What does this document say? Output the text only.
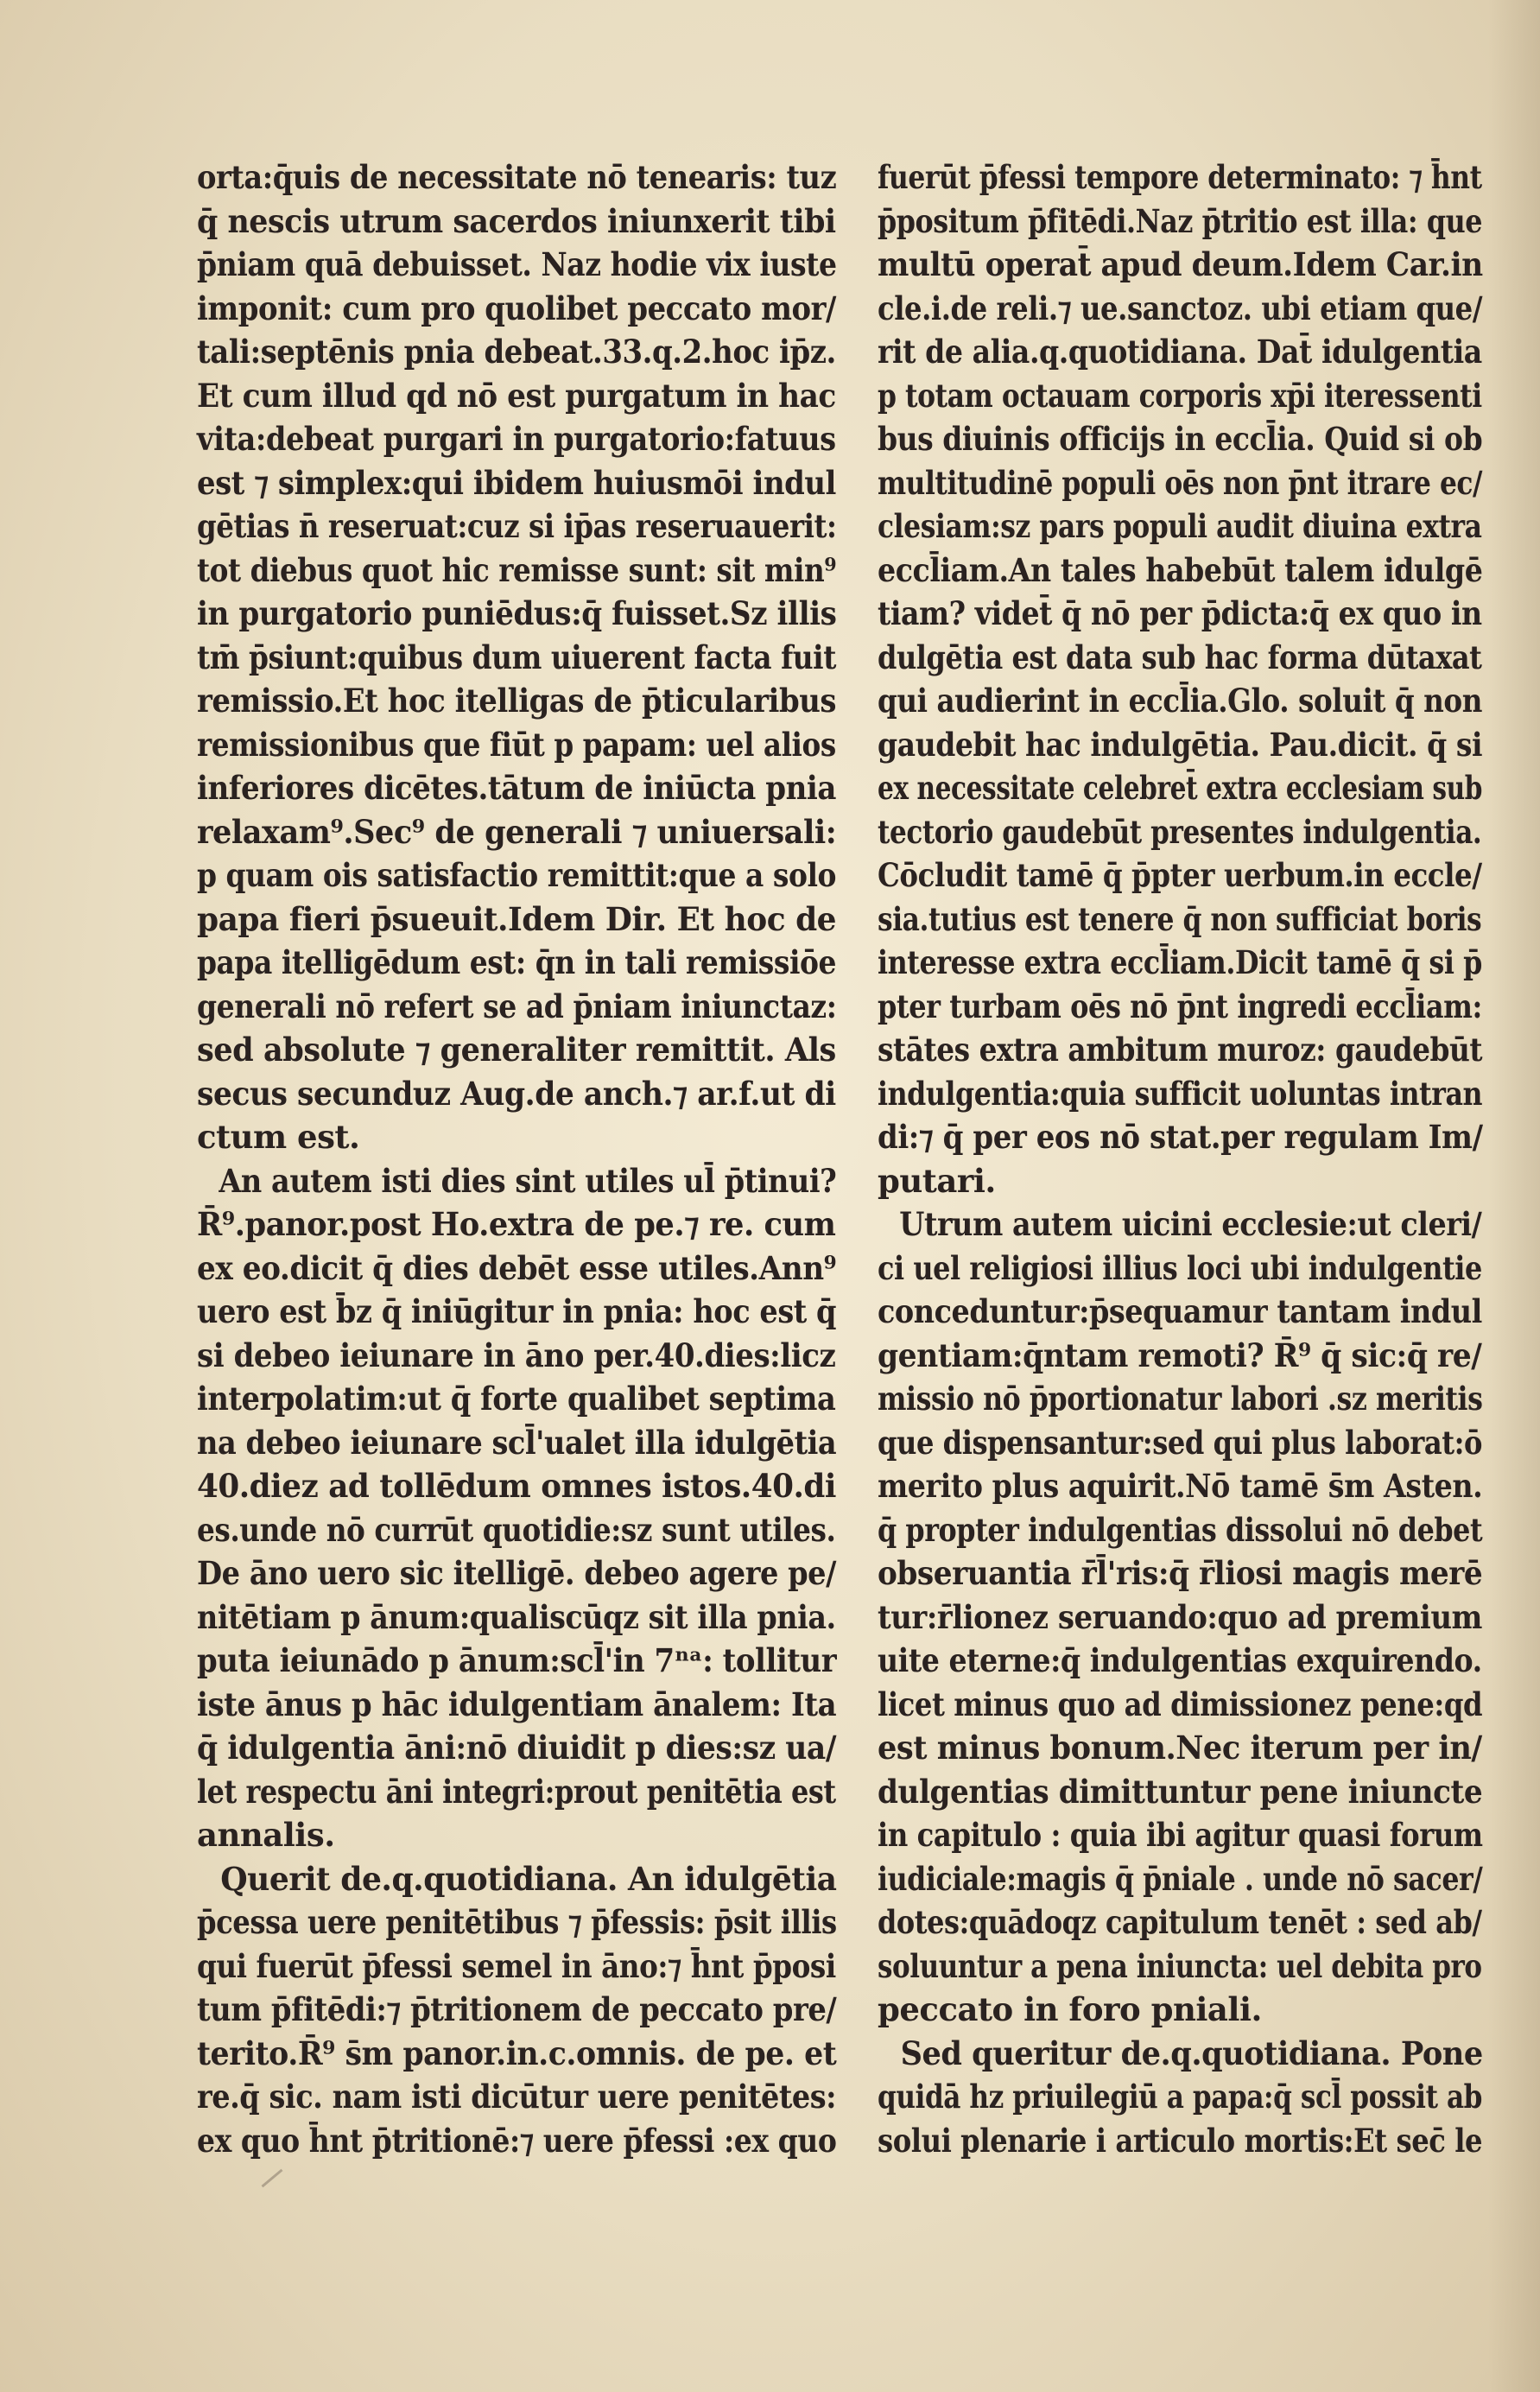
orta:q̄uis de necessitate nō tenearis: tuz
q̄ nescis utrum sacerdos iniunxerit tibi
p̄niam quā debuisset. Naz hodie vix iuste
imponit: cum pro quolibet peccato mor/
tali:septēnis pnia debeat.33.q.2.hoc ip̄z.
Et cum illud qd nō est purgatum in hac
vita:debeat purgari in purgatorio:fatuus
est ⁊ simplex:qui ibidem huiusmōi indul
gētias n̄ reseruat:cuz si ip̄as reseruauerit:
tot diebus quot hic remisse sunt: sit min⁹
in purgatorio puniēdus:q̄ fuisset.Sz illis
tm̄ p̄siunt:quibus dum uiuerent facta fuit
remissio.Et hoc itelligas de p̄ticularibus
remissionibus que fiūt p papam: uel alios
inferiores dicētes.tātum de iniūcta pnia
relaxam⁹.Sec⁹ de generali ⁊ uniuersali:
p quam ois satisfactio remittit:que a solo
papa fieri p̄sueuit.Idem Dir. Et hoc de
papa itelligēdum est: q̄n in tali remissiōe
generali nō refert se ad p̄niam iniunctaz:
sed absolute ⁊ generaliter remittit. Als
secus secunduz Aug.de anch.⁊ ar.f.ut di
ctum est.
An autem isti dies sint utiles ul̄ p̄tinui?
R̄⁹.panor.post Ho.extra de pe.⁊ re. cum
ex eo.dicit q̄ dies debēt esse utiles.Ann⁹
uero est b̄z q̄ iniūgitur in pnia: hoc est q̄
si debeo ieiunare in āno per.40.dies:licz
interpolatim:ut q̄ forte qualibet septima
na debeo ieiunare scl̄'ualet illa idulgētia
40.diez ad tollēdum omnes istos.40.di
es.unde nō currūt quotidie:sz sunt utiles.
De āno uero sic itelligē. debeo agere pe/
nitētiam p ānum:qualiscūqz sit illa pnia.
puta ieiunādo p ānum:scl̄'in 7ⁿᵃ: tollitur
iste ānus p hāc idulgentiam ānalem: Ita
q̄ idulgentia āni:nō diuidit p dies:sz ua/
let respectu āni integri:prout penitētia est
annalis.
Querit de.q.quotidiana. An idulgētia
p̄cessa uere penitētibus ⁊ p̄fessis: p̄sit illis
qui fuerūt p̄fessi semel in āno:⁊ h̄nt p̄posi
tum p̄fitēdi:⁊ p̄tritionem de peccato pre/
terito.R̄⁹ s̄m panor.in.c.omnis. de pe. et
re.q̄ sic. nam isti dicūtur uere penitētes:
ex quo h̄nt p̄tritionē:⁊ uere p̄fessi :ex quo
fuerūt p̄fessi tempore determinato: ⁊ h̄nt
p̄positum p̄fitēdi.Naz p̄tritio est illa: que
multū operat̄ apud deum.Idem Car.in
cle.i.de reli.⁊ ue.sanctoz. ubi etiam que/
rit de alia.q.quotidiana. Dat̄ idulgentia
p totam octauam corporis xp̄i iteressenti
bus diuinis officijs in eccl̄ia. Quid si ob
multitudinē populi oēs non p̄nt itrare ec/
clesiam:sz pars populi audit diuina extra
eccl̄iam.An tales habebūt talem idulgē
tiam? videt̄ q̄ nō per p̄dicta:q̄ ex quo in
dulgētia est data sub hac forma dūtaxat
qui audierint in eccl̄ia.Glo. soluit q̄ non
gaudebit hac indulgētia. Pau.dicit. q̄ si
ex necessitate celebret̄ extra ecclesiam sub
tectorio gaudebūt presentes indulgentia.
Cōcludit tamē q̄ p̄pter uerbum.in eccle/
sia.tutius est tenere q̄ non sufficiat boris
interesse extra eccl̄iam.Dicit tamē q̄ si p̄
pter turbam oēs nō p̄nt ingredi eccl̄iam:
stātes extra ambitum muroz: gaudebūt
indulgentia:quia sufficit uoluntas intran
di:⁊ q̄ per eos nō stat.per regulam Im/
putari.
Utrum autem uicini ecclesie:ut cleri/
ci uel religiosi illius loci ubi indulgentie
conceduntur:p̄sequamur tantam indul
gentiam:q̄ntam remoti? R̄⁹ q̄ sic:q̄ re/
missio nō p̄portionatur labori .sz meritis
que dispensantur:sed qui plus laborat:ō
merito plus aquirit.Nō tamē s̄m Asten.
q̄ propter indulgentias dissolui nō debet
obseruantia r̄l̄'ris:q̄ r̄liosi magis merē
tur:r̄lionez seruando:quo ad premium
uite eterne:q̄ indulgentias exquirendo.
licet minus quo ad dimissionez pene:qd
est minus bonum.Nec iterum per in/
dulgentias dimittuntur pene iniuncte
in capitulo : quia ibi agitur quasi forum
iudiciale:magis q̄ p̄niale . unde nō sacer/
dotes:quādoqz capitulum tenēt : sed ab/
soluuntur a pena iniuncta: uel debita pro
peccato in foro pniali.
Sed queritur de.q.quotidiana. Pone
quidā hz priuilegiū a papa:q̄ scl̄ possit ab
solui plenarie i articulo mortis:Et sec̄ le
